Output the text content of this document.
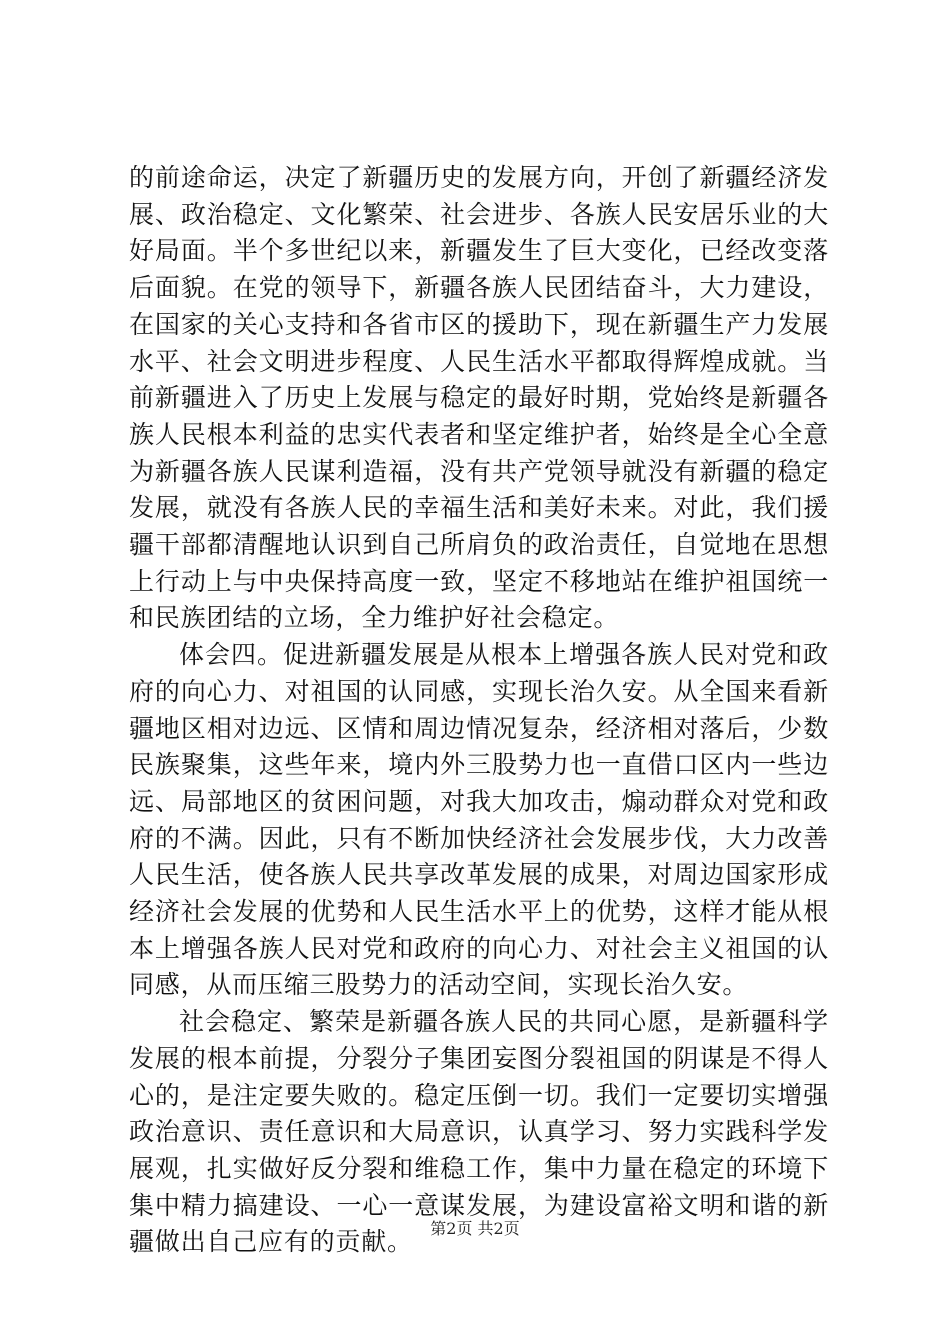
的前途命运，决定了新疆历史的发展方向，开创了新疆经济发展、政治稳定、文化繁荣、社会进步、各族人民安居乐业的大好局面。半个多世纪以来，新疆发生了巨大变化，已经改变落后面貌。在党的领导下，新疆各族人民团结奋斗，大力建设，在国家的关心支持和各省市区的援助下，现在新疆生产力发展水平、社会文明进步程度、人民生活水平都取得辉煌成就。当前新疆进入了历史上发展与稳定的最好时期，党始终是新疆各族人民根本利益的忠实代表者和坚定维护者，始终是全心全意为新疆各族人民谋利造福，没有共产党领导就没有新疆的稳定发展，就没有各族人民的幸福生活和美好未来。对此，我们援疆干部都清醒地认识到自己所肩负的政治责任，自觉地在思想上行动上与中央保持高度一致，坚定不移地站在维护祖国统一和民族团结的立场，全力维护好社会稳定。

体会四。促进新疆发展是从根本上增强各族人民对党和政府的向心力、对祖国的认同感，实现长治久安。从全国来看新疆地区相对边远、区情和周边情况复杂，经济相对落后，少数民族聚集，这些年来，境内外三股势力也一直借口区内一些边远、局部地区的贫困问题，对我大加攻击，煽动群众对党和政府的不满。因此，只有不断加快经济社会发展步伐，大力改善人民生活，使各族人民共享改革发展的成果，对周边国家形成经济社会发展的优势和人民生活水平上的优势，这样才能从根本上增强各族人民对党和政府的向心力、对社会主义祖国的认同感，从而压缩三股势力的活动空间，实现长治久安。

社会稳定、繁荣是新疆各族人民的共同心愿，是新疆科学发展的根本前提，分裂分子集团妄图分裂祖国的阴谋是不得人心的，是注定要失败的。稳定压倒一切。我们一定要切实增强政治意识、责任意识和大局意识，认真学习、努力实践科学发展观，扎实做好反分裂和维稳工作，集中力量在稳定的环境下集中精力搞建设、一心一意谋发展，为建设富裕文明和谐的新疆做出自己应有的贡献。	第2页 共2页
